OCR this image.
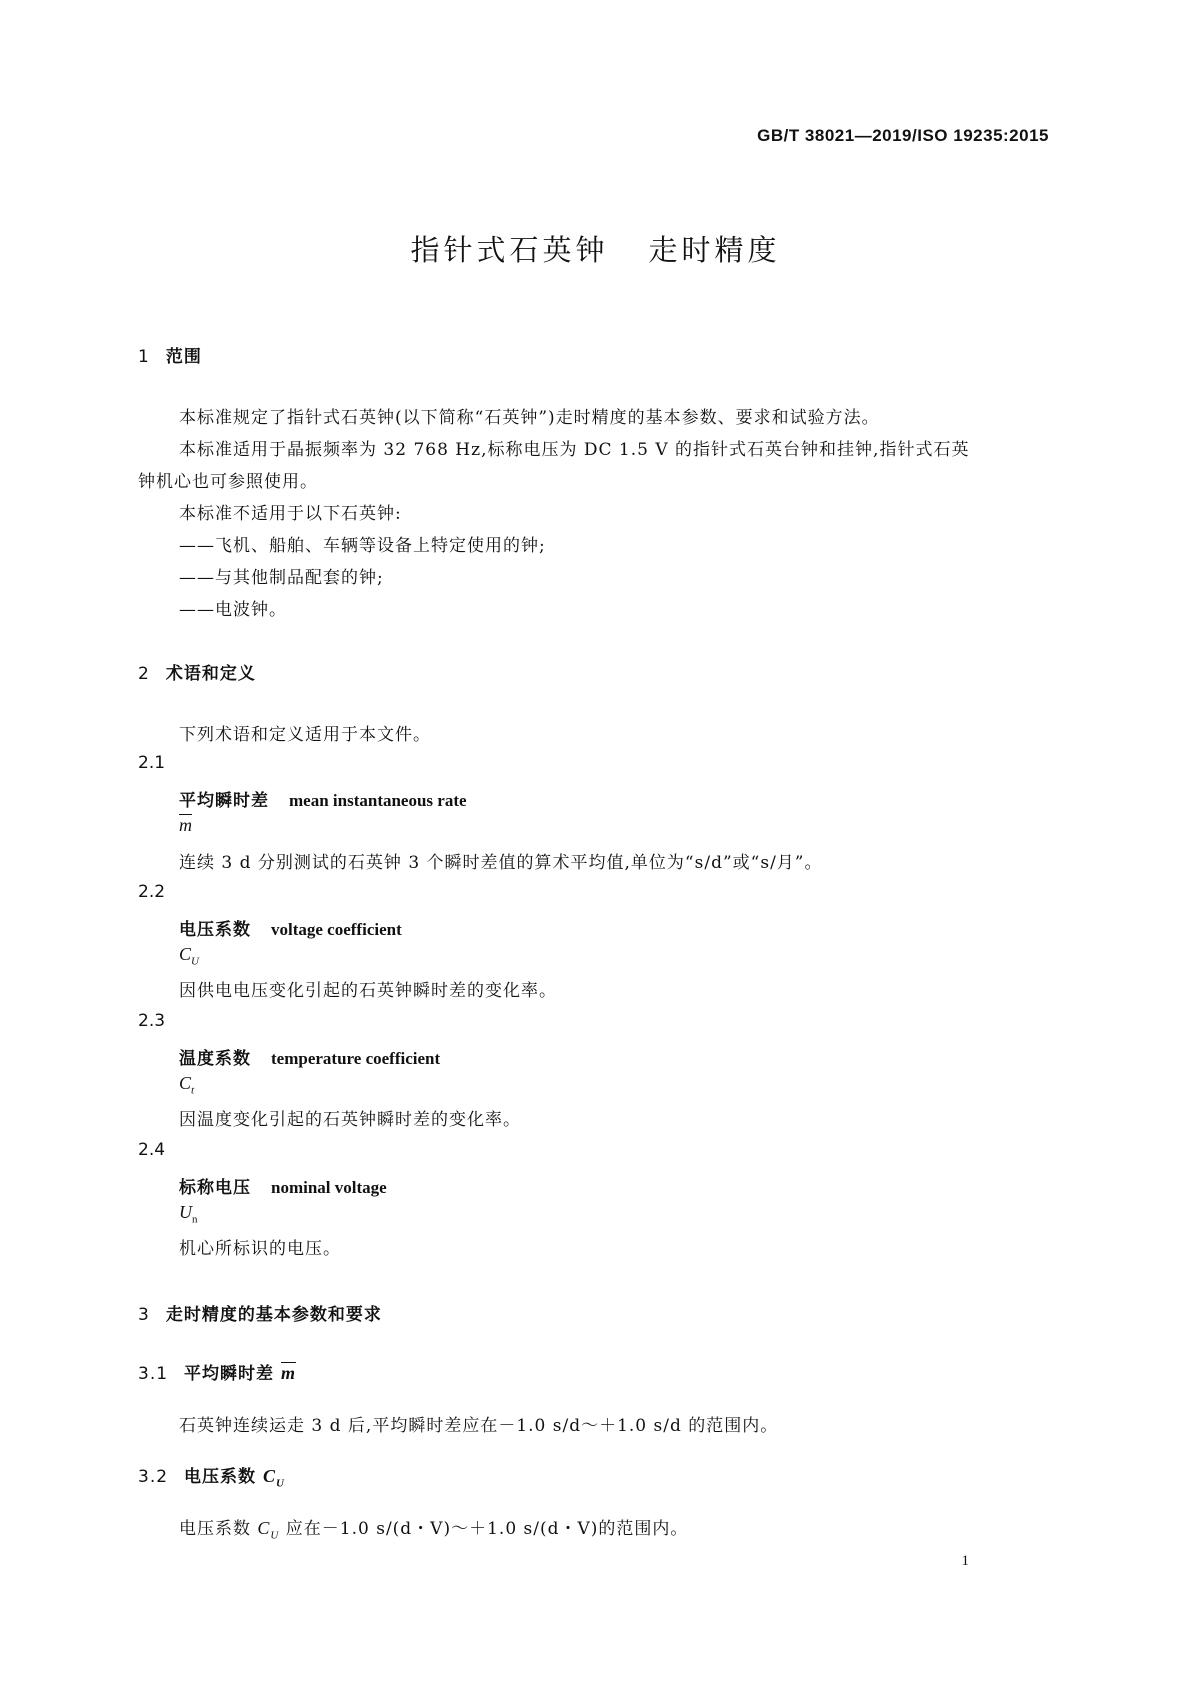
GB/T 38021—2019/ISO 19235:2015
指针式石英钟 走时精度
1 范围
本标准规定了指针式石英钟(以下简称“石英钟”)走时精度的基本参数、要求和试验方法。
本标准适用于晶振频率为 32 768 Hz,标称电压为 DC 1.5 V 的指针式石英台钟和挂钟,指针式石英
钟机心也可参照使用。
本标准不适用于以下石英钟:
——飞机、船舶、车辆等设备上特定使用的钟;
——与其他制品配套的钟;
——电波钟。
2 术语和定义
下列术语和定义适用于本文件。
2.1
平均瞬时差 mean instantaneous rate
$\overline{m}$
连续 3 d 分别测试的石英钟 3 个瞬时差值的算术平均值,单位为“s/d”或“s/月”。
2.2
电压系数 voltage coefficient
$C_U$
因供电电压变化引起的石英钟瞬时差的变化率。
2.3
温度系数 temperature coefficient
$C_t$
因温度变化引起的石英钟瞬时差的变化率。
2.4
标称电压 nominal voltage
$U_n$
机心所标识的电压。
3 走时精度的基本参数和要求
3.1 平均瞬时差 $\overline{m}$
石英钟连续运走 3 d 后,平均瞬时差应在－1.0 s/d～＋1.0 s/d 的范围内。
3.2 电压系数 $C_U$
电压系数 $C_U$ 应在－1.0 s/(d・V)～＋1.0 s/(d・V)的范围内。
1
